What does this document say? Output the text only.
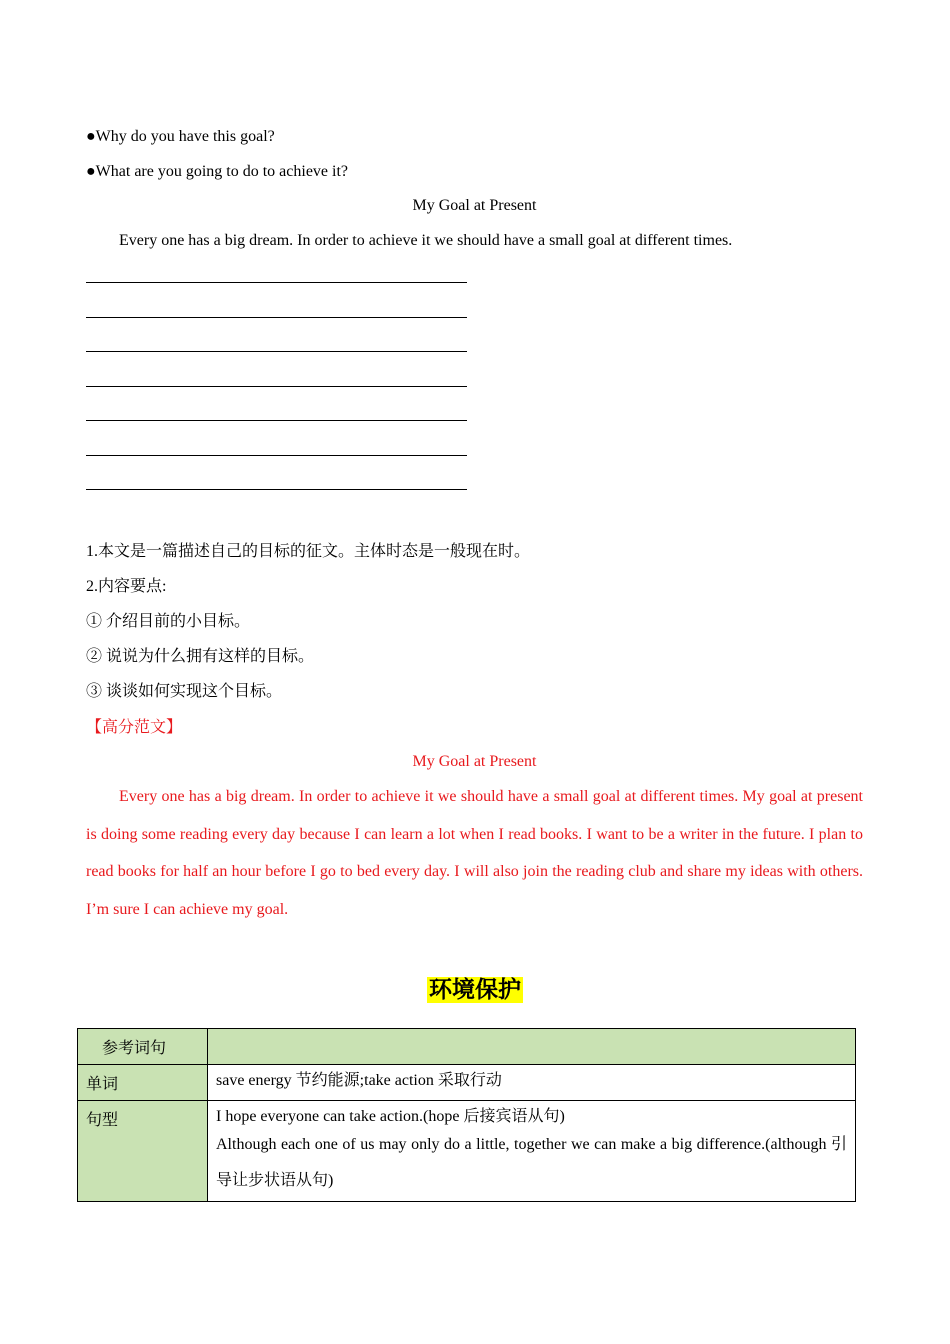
●Why do you have this goal?
●What are you going to do to achieve it?
My Goal at Present
Every one has a big dream. In order to achieve it we should have a small goal at different times.
1.本文是一篇描述自己的目标的征文。主体时态是一般现在时。
2.内容要点:
① 介绍目前的小目标。
② 说说为什么拥有这样的目标。
③ 谈谈如何实现这个目标。
【高分范文】
My Goal at Present
Every one has a big dream. In order to achieve it we should have a small goal at different times. My goal at present is doing some reading every day because I can learn a lot when I read books. I want to be a writer in the future. I plan to read books for half an hour before I go to bed every day. I will also join the reading club and share my ideas with others. I’m sure I can achieve my goal.
环境保护
参考词句	
单词	save energy 节约能源;take action 采取行动

句型	I hope everyone can take action.(hope 后接宾语从句)
Although each one of us may only do a little, together we can make a big difference.(although 引导让步状语从句)
